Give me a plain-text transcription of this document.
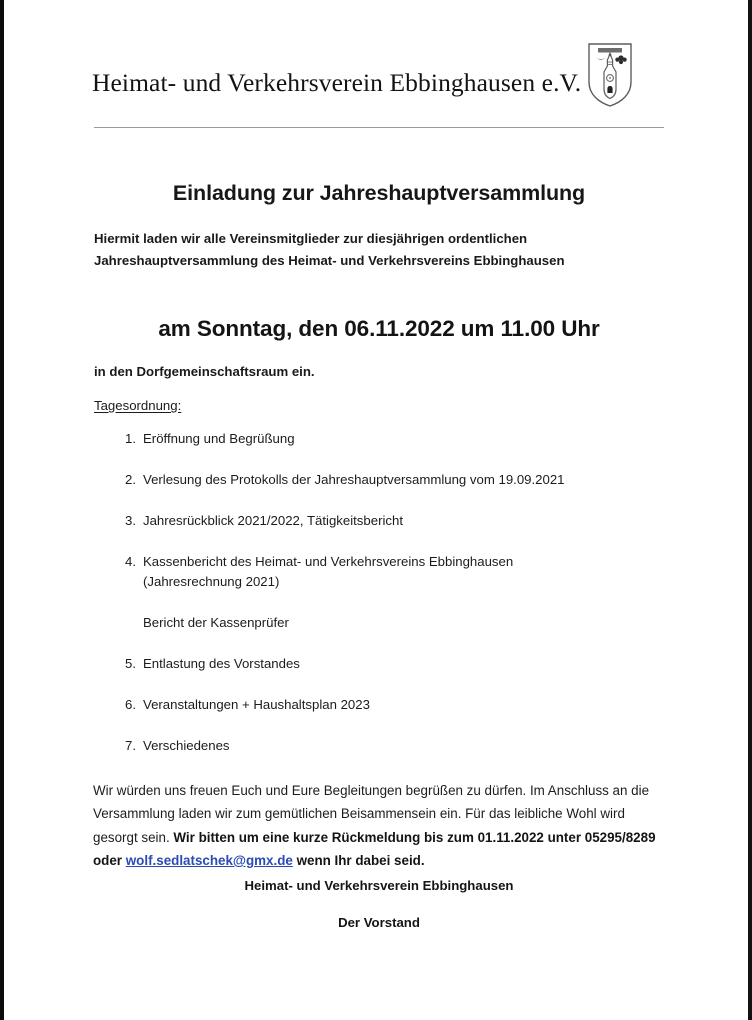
Heimat- und Verkehrsverein Ebbinghausen e.V.
Einladung zur Jahreshauptversammlung
Hiermit laden wir alle Vereinsmitglieder zur diesjährigen ordentlichen
Jahreshauptversammlung des Heimat- und Verkehrsvereins Ebbinghausen
am Sonntag, den 06.11.2022 um 11.00 Uhr
in den Dorfgemeinschaftsraum ein.
Tagesordnung:
1. Eröffnung und Begrüßung
2. Verlesung des Protokolls der Jahreshauptversammlung vom 19.09.2021
3. Jahresrückblick 2021/2022, Tätigkeitsbericht
4. Kassenbericht des Heimat- und Verkehrsvereins Ebbinghausen
(Jahresrechnung 2021)
Bericht der Kassenprüfer
5. Entlastung des Vorstandes
6. Veranstaltungen + Haushaltsplan 2023
7. Verschiedenes
Wir würden uns freuen Euch und Eure Begleitungen begrüßen zu dürfen. Im Anschluss an die Versammlung laden wir zum gemütlichen Beisammensein ein. Für das leibliche Wohl wird gesorgt sein. Wir bitten um eine kurze Rückmeldung bis zum 01.11.2022 unter 05295/8289 oder wolf.sedlatschek@gmx.de wenn Ihr dabei seid.
Heimat- und Verkehrsverein Ebbinghausen
Der Vorstand
